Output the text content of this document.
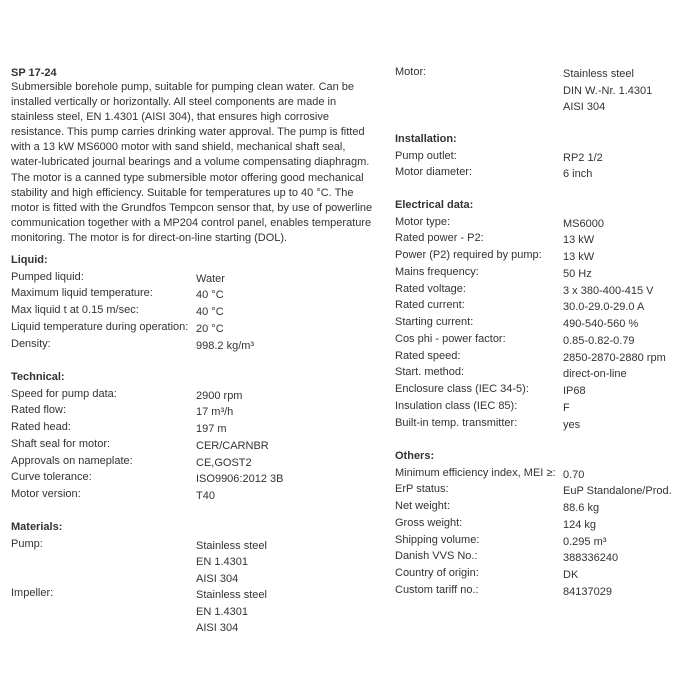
SP 17-24
Submersible borehole pump, suitable for pumping clean water. Can be installed vertically or horizontally. All steel components are made in stainless steel, EN 1.4301 (AISI 304), that ensures high corrosive resistance. This pump carries drinking water approval. The pump is fitted with a 13 kW MS6000 motor with sand shield, mechanical shaft seal, water-lubricated journal bearings and a volume compensating diaphragm. The motor is a canned type submersible motor offering good mechanical stability and high efficiency. Suitable for temperatures up to 40 °C. The motor is fitted with the Grundfos Tempcon sensor that, by use of powerline communication together with a MP204 control panel, enables temperature monitoring. The motor is for direct-on-line starting (DOL).
Liquid:
Pumped liquid:	Water
Maximum liquid temperature:	40 °C
Max liquid t at 0.15 m/sec:	40 °C
Liquid temperature during operation: 20 °C
Density:	998.2 kg/m³
Technical:
Speed for pump data:	2900 rpm
Rated flow:	17 m³/h
Rated head:	197 m
Shaft seal for motor:	CER/CARNBR
Approvals on nameplate:	CE,GOST2
Curve tolerance:	ISO9906:2012 3B
Motor version:	T40
Materials:
Pump:	Stainless steel
EN 1.4301
AISI 304
Impeller:	Stainless steel
EN 1.4301
AISI 304
Motor:	Stainless steel
DIN W.-Nr. 1.4301
AISI 304
Installation:
Pump outlet:	RP2 1/2
Motor diameter:	6 inch
Electrical data:
Motor type:	MS6000
Rated power - P2:	13 kW
Power (P2) required by pump: 13 kW
Mains frequency:	50 Hz
Rated voltage:	3 x 380-400-415 V
Rated current:	30.0-29.0-29.0 A
Starting current:	490-540-560 %
Cos phi - power factor:	0.85-0.82-0.79
Rated speed:	2850-2870-2880 rpm
Start. method:	direct-on-line
Enclosure class (IEC 34-5):	IP68
Insulation class (IEC 85):	F
Built-in temp. transmitter:	yes
Others:
Minimum efficiency index, MEI ≥: 0.70
ErP status:	EuP Standalone/Prod.
Net weight:	88.6 kg
Gross weight:	124 kg
Shipping volume:	0.295 m³
Danish VVS No.:	388336240
Country of origin:	DK
Custom tariff no.:	84137029
